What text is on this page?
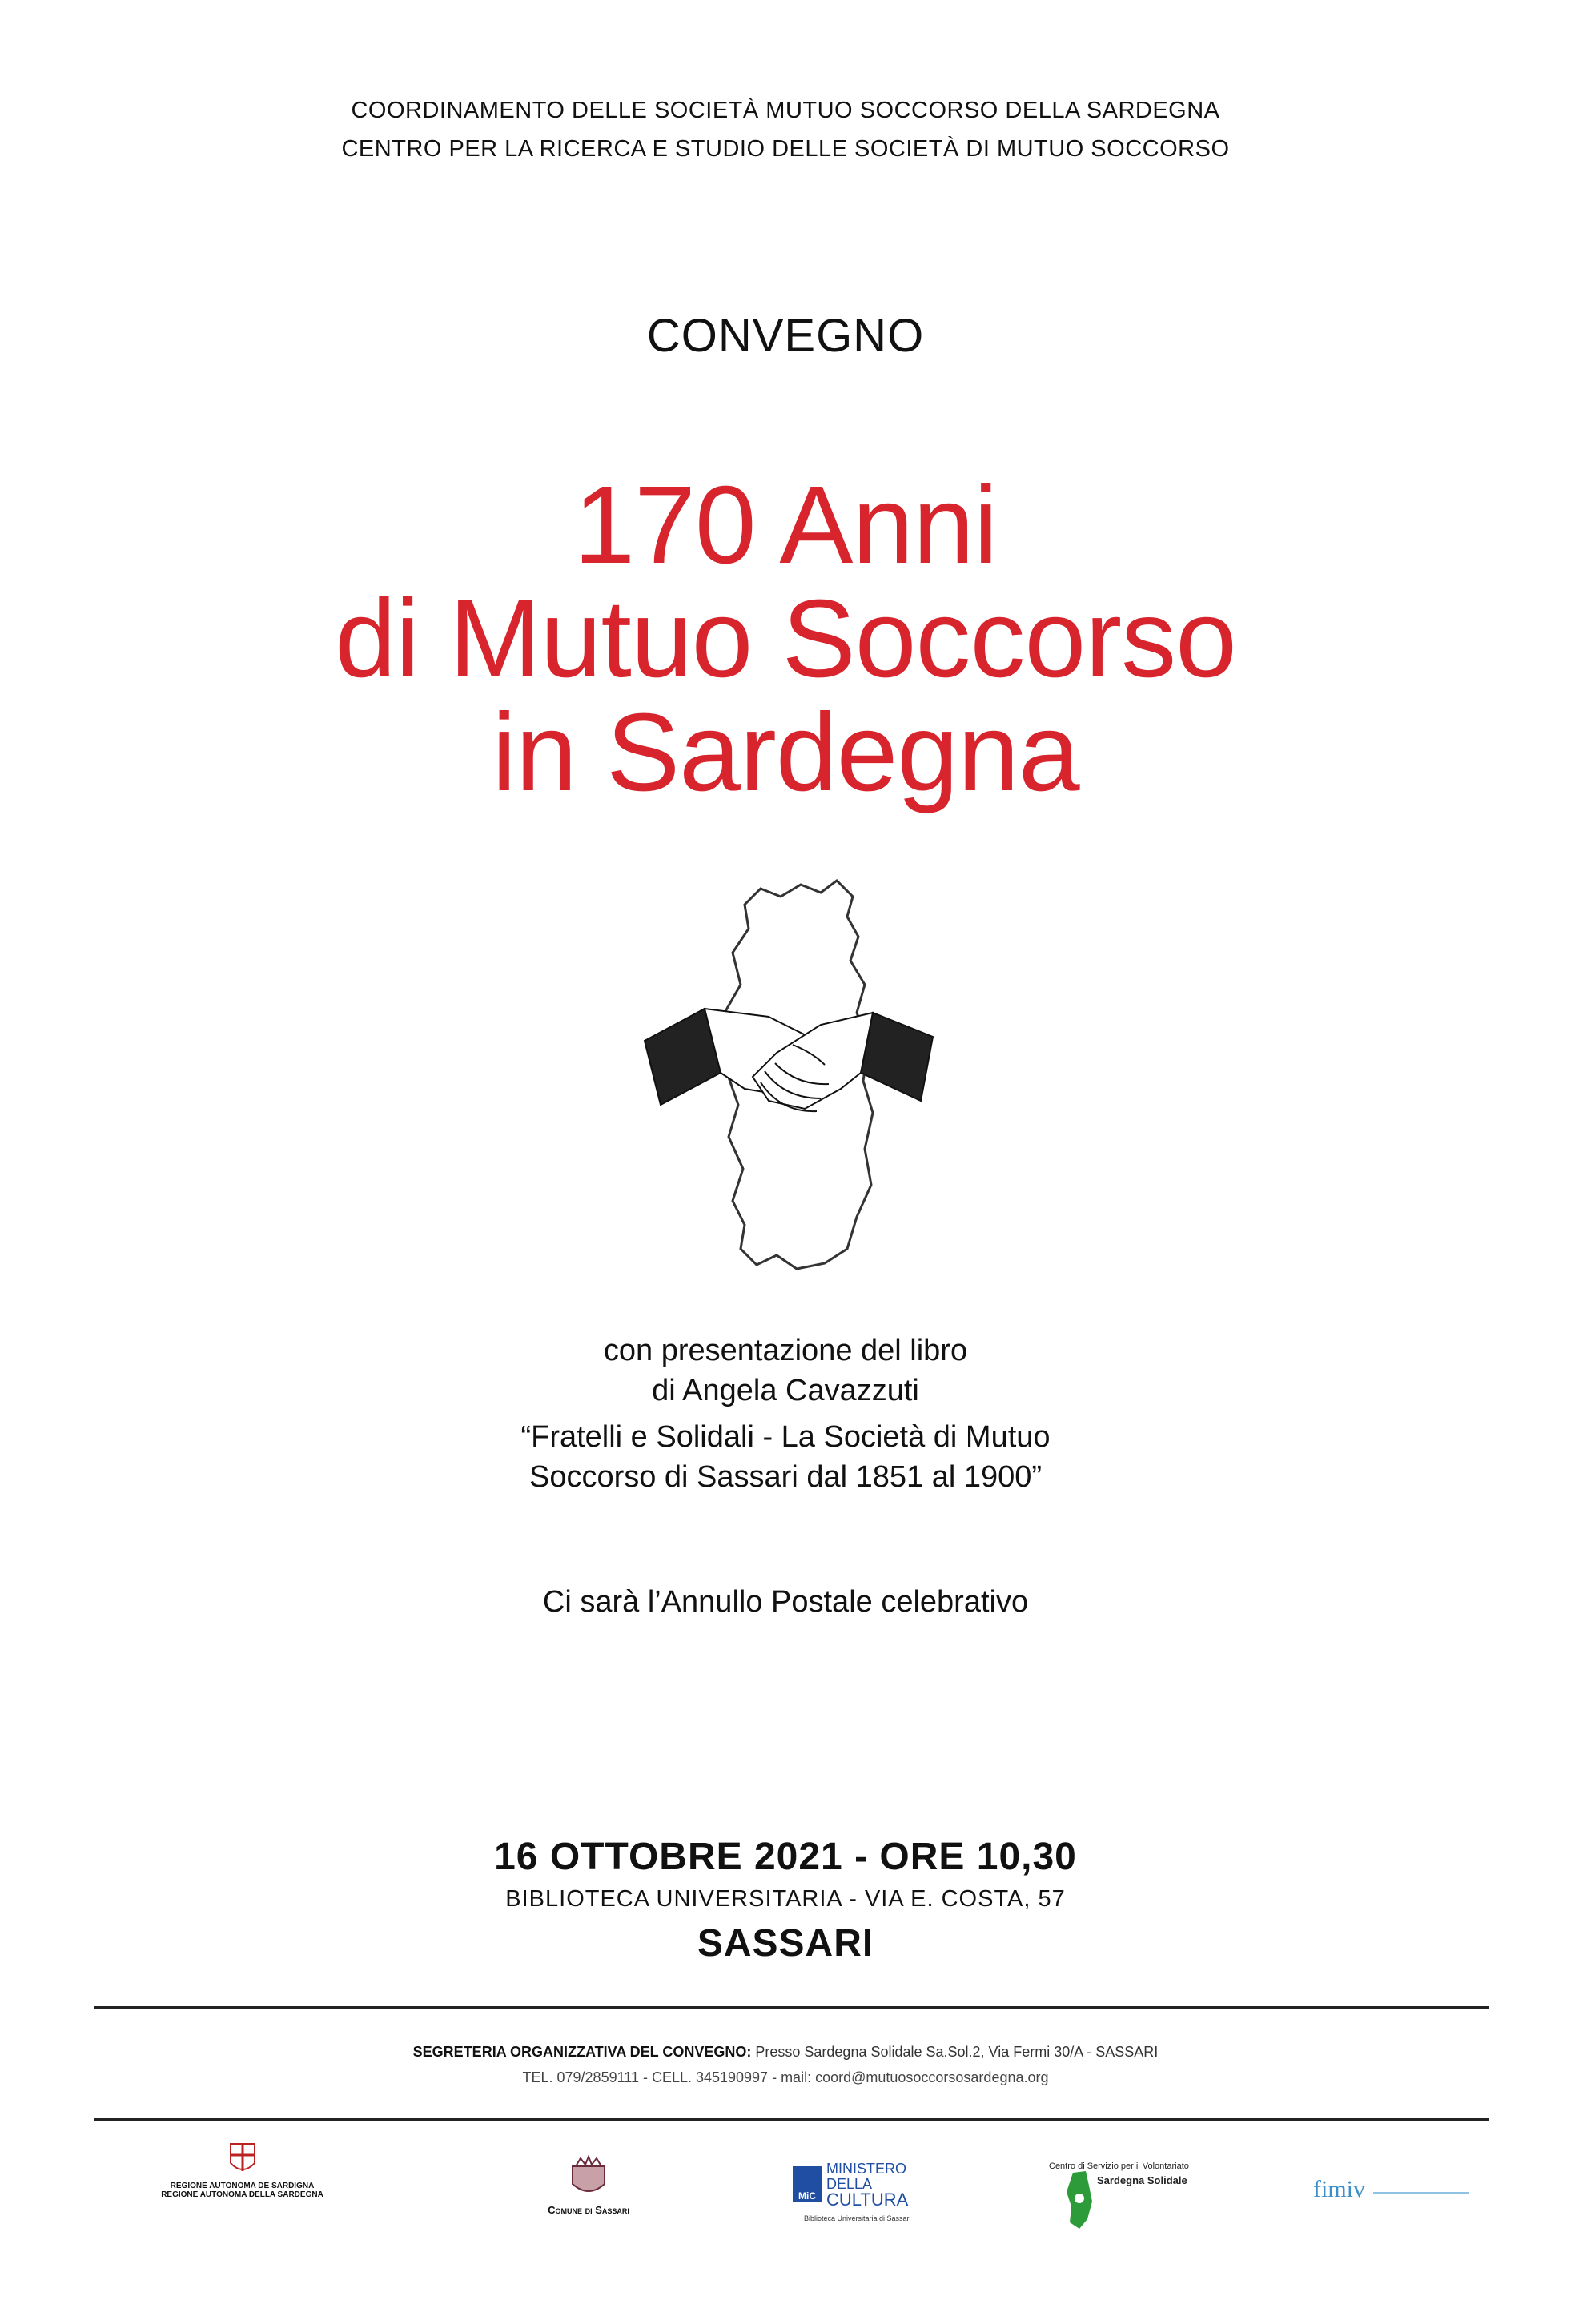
COORDINAMENTO DELLE SOCIETÀ MUTUO SOCCORSO DELLA SARDEGNA
CENTRO PER LA RICERCA E STUDIO DELLE SOCIETÀ DI MUTUO SOCCORSO
CONVEGNO
170 Anni
di Mutuo Soccorso
in Sardegna
con presentazione del libro
di Angela Cavazzuti
“Fratelli e Solidali - La Società di Mutuo
Soccorso di Sassari dal 1851 al 1900”
Ci sarà l’Annullo Postale celebrativo
16 OTTOBRE 2021 - ORE 10,30
BIBLIOTECA UNIVERSITARIA - VIA E. COSTA, 57
SASSARI
SEGRETERIA ORGANIZZATIVA DEL CONVEGNO: Presso Sardegna Solidale Sa.Sol.2, Via Fermi 30/A - SASSARI
TEL. 079/2859111 - CELL. 345190997 - mail: coord@mutuosoccorsosardegna.org
REGIONE AUTONOMA DE SARDIGNA
REGIONE AUTONOMA DELLA SARDEGNA
Comune di Sassari
MiC
MINISTERO
DELLA
CULTURA
Biblioteca Universitaria di Sassari
Centro di Servizio per il Volontariato
Sardegna Solidale	fimiv
